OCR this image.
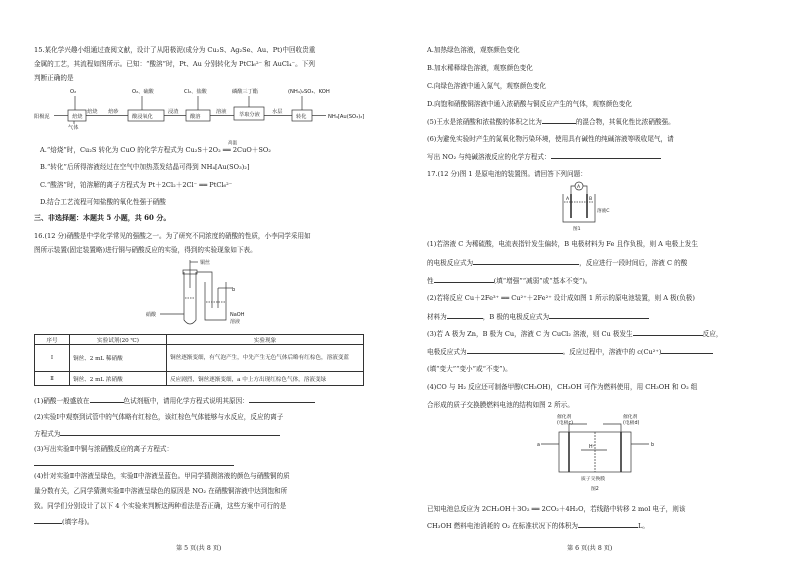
15.某化学兴趣小组通过查阅文献，设计了从阳极泥(成分为 Cu₂S、Ag₂Se、Au、Pt)中回收贵重
金属的工艺，其流程如图所示。已知：“酸溶”时，Pt、Au 分别转化为 PtCl₆²⁻ 和 AuCl₄⁻。下列
判断正确的是
阳极泥
O₂
焙烧
气体
焙烧
焙砂
O₂、硫酸
酸浸氧化
浸渣
Cl₂、盐酸
酸溶
溶液
磷酸三丁酯
萃取分液 水层
(NH₄)₂SO₃、KOH
转化	NH₄[Au(SO₃)₂]
A.“焙烧”时，Cu₂S 转化为 CuO 的化学方程式为 Cu₂S＋2O₂ ══ 2CuO＋SO₂
高温
B.“转化”后所得溶液经过在空气中加热蒸发结晶可得到 NH₄[Au(SO₃)₂]
C.“酸溶”时，铂溶解的离子方程式为 Pt＋2Cl₂＋2Cl⁻ ══ PtCl₆²⁻
D.结合工艺流程可知盐酸的氧化性强于硝酸
三、非选择题：本题共 5 小题，共 60 分。
16.(12 分)硝酸是中学化学常见的强酸之一。为了研究不同浓度的硝酸的性质，小李同学采用如
图所示装置(固定装置略)进行铜与硝酸反应的实验，得到的实验现象如下表。
铜丝
硝酸
b
NaOH
溶液
序号	实验试剂(20 ℃)	实验现象
Ⅰ	铜丝、2 mL 稀硝酸	铜丝逐渐变细，有气泡产生，中先产生无色气体后略有红棕色，溶液变蓝
Ⅱ	铜丝、2 mL 浓硝酸	反应剧烈，铜丝逐渐变细，a 中上方出现红棕色气体，溶液变绿
(1)硝酸一般盛放在	色试剂瓶中，请用化学方程式说明其原因：
(2)实验Ⅰ中观察到试管中的气体略有红棕色，该红棕色气体能够与水反应，反应的离子
方程式为
(3)写出实验Ⅱ中铜与浓硝酸反应的离子方程式：
(4)针对实验Ⅱ中溶液呈绿色，实验Ⅱ中溶液呈蓝色。甲同学猜测溶液的颜色与硝酸铜的质
量分数有关，乙同学猜测实验Ⅱ中溶液呈绿色的原因是 NO₂ 在硝酸铜溶液中达到饱和所
致。同学们分别设计了以下 4 个实验来判断这两种看法是否正确，这些方案中可行的是
(填字母)。
第 5 页(共 8 页)
A.加热绿色溶液，观察颜色变化
B.加水稀释绿色溶液，观察颜色变化
C.向绿色溶液中通入氮气，观察颜色变化
D.向饱和硝酸铜溶液中通入浓硝酸与铜反应产生的气体，观察颜色变化
(5)王水是浓硝酸和浓盐酸的体积之比为	的混合物，其氧化性比浓硝酸强。
(6)为避免实验时产生的氮氧化物污染环境，使用具有碱性的纯碱溶液等吸收尾气，请
写出 NO₂ 与纯碱溶液反应的化学方程式：
17.(12 分)图 1 是原电池的装置图。请回答下列问题：
A
A	B
溶液C
图1
(1)若溶液 C 为稀硫酸，电流表指针发生偏转，B 电极材料为 Fe 且作负极，则 A 电极上发生
的电极反应式为	，反应进行一段时间后，溶液 C 的酸
性	(填“增强”“减弱”或“基本不变”)。
(2)若将反应 Cu＋2Fe³⁺ ══ Cu²⁺＋2Fe²⁺ 设计成如图 1 所示的原电池装置，则 A 极(负极)
材料为	，B 极的电极反应式为
(3)若 A 极为 Zn，B 极为 Cu，溶液 C 为 CuCl₂ 溶液，则 Cu 极发生	反应，
电极反应式为	。反应过程中，溶液中的 c(Cu²⁺)
(填“变大”“变小”或“不变”)。
(4)CO 与 H₂ 反应还可制备甲醇(CH₃OH)，CH₃OH 可作为燃料使用，用 CH₃OH 和 O₂ 组
合形成的质子交换膜燃料电池的结构如图 2 所示。
催化剂
(电极c)
催化剂
(电极d)
a	b
H⁺
质子交换膜
图2
已知电池总反应为 2CH₃OH＋3O₂ ══ 2CO₂＋4H₂O，若线路中转移 2 mol 电子，则该
CH₃OH 燃料电池消耗的 O₂ 在标准状况下的体积为	L。
第 6 页(共 8 页)
